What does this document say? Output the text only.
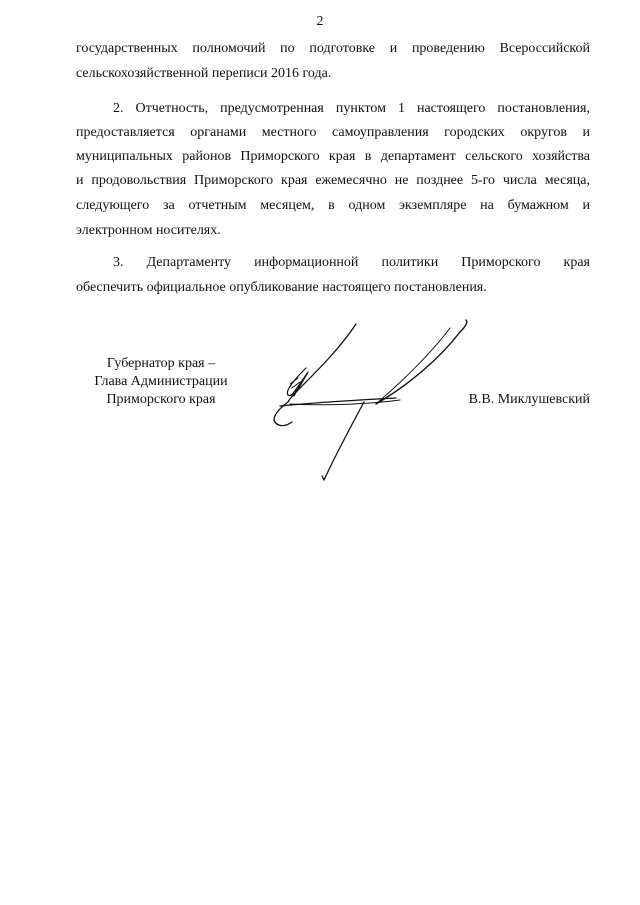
2
государственных полномочий по подготовке и проведению Всероссийской
сельскохозяйственной переписи 2016 года.
2. Отчетность, предусмотренная пунктом 1 настоящего постановления,
предоставляется органами местного самоуправления городских округов и
муниципальных районов Приморского края в департамент сельского хозяйства
и продовольствия Приморского края ежемесячно не позднее 5-го числа месяца,
следующего за отчетным месяцем, в одном экземпляре на бумажном и
электронном носителях.
3. Департаменту информационной политики Приморского края
обеспечить официальное опубликование настоящего постановления.
Губернатор края –
Глава Администрации
Приморского края	В.В. Миклушевский
